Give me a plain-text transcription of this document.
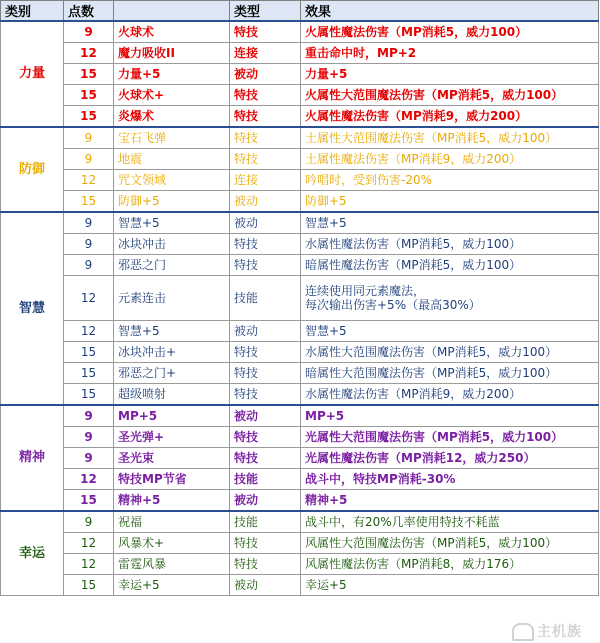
类别	点数		类型	效果
力量	9	火球术	特技	火属性魔法伤害（MP消耗5，威力100）
	12	魔力吸收II	连接	重击命中时，MP+2
	15	力量+5	被动	力量+5
	15	火球术+	特技	火属性大范围魔法伤害（MP消耗5，威力100）
	15	炎爆术	特技	火属性魔法伤害（MP消耗9，威力200）
防御	9	宝石飞弹	特技	土属性大范围魔法伤害（MP消耗5，威力100）
	9	地震	特技	土属性魔法伤害（MP消耗9，威力200）
	12	咒文领域	连接	吟唱时，受到伤害-20%
	15	防御+5	被动	防御+5
智慧	9	智慧+5	被动	智慧+5
	9	冰块冲击	特技	水属性魔法伤害（MP消耗5，威力100）
	9	邪恶之门	特技	暗属性魔法伤害（MP消耗5，威力100）
	12	元素连击	技能	连续使用同元素魔法，
每次输出伤害+5%（最高30%）

	12	智慧+5	被动	智慧+5
	15	冰块冲击+	特技	水属性大范围魔法伤害（MP消耗5，威力100）
	15	邪恶之门+	特技	暗属性大范围魔法伤害（MP消耗5，威力100）
	15	超级喷射	特技	水属性魔法伤害（MP消耗9，威力200）
精神	9	MP+5	被动	MP+5
	9	圣光弹+	特技	光属性大范围魔法伤害（MP消耗5，威力100）
	9	圣光束	特技	光属性魔法伤害（MP消耗12，威力250）
	12	特技MP节省	技能	战斗中，特技MP消耗-30%
	15	精神+5	被动	精神+5
幸运	9	祝福	技能	战斗中，有20%几率使用特技不耗蓝
	12	风暴术+	特技	风属性大范围魔法伤害（MP消耗5，威力100）
	12	雷霆风暴	特技	风属性魔法伤害（MP消耗8，威力176）
	15	幸运+5	被动	幸运+5
主机族
